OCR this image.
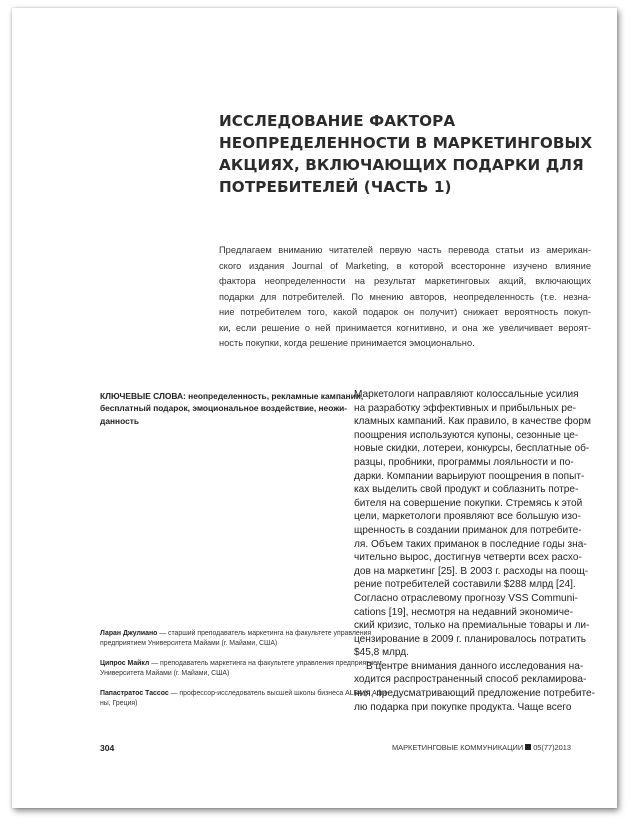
ИССЛЕДОВАНИЕ ФАКТОРА
НЕОПРЕДЕЛЕННОСТИ В МАРКЕТИНГОВЫХ
АКЦИЯХ, ВКЛЮЧАЮЩИХ ПОДАРКИ ДЛЯ
ПОТРЕБИТЕЛЕЙ (ЧАСТЬ 1)
Предлагаем вниманию читателей первую часть перевода статьи из американ-
ского издания Journal of Marketing, в которой всесторонне изучено влияние
фактора неопределенности на результат маркетинговых акций, включающих
подарки для потребителей. По мнению авторов, неопределенность (т.е. незна-
ние потребителем того, какой подарок он получит) снижает вероятность покуп-
ки, если решение о ней принимается когнитивно, и она же увеличивает вероят-
ность покупки, когда решение принимается эмоционально.
КЛЮЧЕВЫЕ СЛОВА: неопределенность, рекламные кампании,
бесплатный подарок, эмоциональное воздействие, неожи-
данность
Маркетологи направляют колоссальные усилия
на разработку эффективных и прибыльных ре-
кламных кампаний. Как правило, в качестве форм
поощрения используются купоны, сезонные це-
новые скидки, лотереи, конкурсы, бесплатные об-
разцы, пробники, программы лояльности и по-
дарки. Компании варьируют поощрения в попыт-
ках выделить свой продукт и соблазнить потре-
бителя на совершение покупки. Стремясь к этой
цели, маркетологи проявляют все большую изо-
щренность в создании приманок для потребите-
ля. Объем таких приманок в последние годы зна-
чительно вырос, достигнув четверти всех расхо-
дов на маркетинг [25]. В 2003 г. расходы на поощ-
рение потребителей составили $288 млрд [24].
Согласно отраслевому прогнозу VSS Communi-
cations [19], несмотря на недавний экономиче-
ский кризис, только на премиальные товары и ли-
цензирование в 2009 г. планировалось потратить
$45,8 млрд.
В центре внимания данного исследования на-
ходится распространенный способ рекламирова-
ния, предусматривающий предложение потребите-
лю подарка при покупке продукта. Чаще всего
Ларан Джулиано — старший преподаватель маркетинга на факультете управления
предприятием Университета Майами (г. Майами, США)
Ципрос Майкл — преподаватель маркетинга на факультете управления предприятием
Университета Майами (г. Майами, США)
Папастратос Тассос — профессор-исследователь высшей школы бизнеса ALBA (г. Афи-
ны, Греция)
304	МАРКЕТИНГОВЫЕ КОММУНИКАЦИИ 05(77)2013
